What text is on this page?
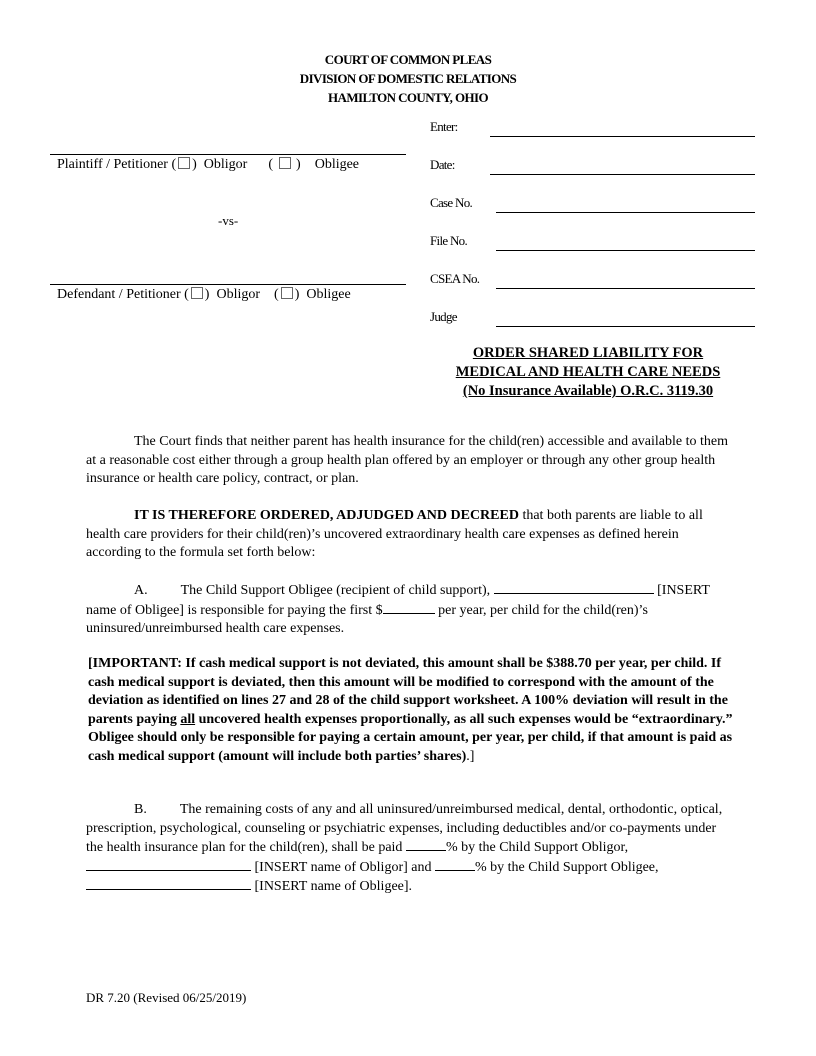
COURT OF COMMON PLEAS
DIVISION OF DOMESTIC RELATIONS
HAMILTON COUNTY, OHIO
Plaintiff / Petitioner ( ) Obligor ( ) Obligee
-vs-
Defendant / Petitioner ( ) Obligor ( ) Obligee
Enter:
Date:
Case No.
File No.
CSEA No.
Judge
ORDER SHARED LIABILITY FOR
MEDICAL AND HEALTH CARE NEEDS
(No Insurance Available) O.R.C. 3119.30

The Court finds that neither parent has health insurance for the child(ren) accessible and available to them at a reasonable cost either through a group health plan offered by an employer or through any other group health insurance or health care policy, contract, or plan.

IT IS THEREFORE ORDERED, ADJUDGED AND DECREED that both parents are liable to all health care providers for their child(ren)’s uncovered extraordinary health care expenses as defined herein according to the formula set forth below:

A. The Child Support Obligee (recipient of child support),	[INSERT name of Obligee] is responsible for paying the first $	per year, per child for the child(ren)’s uninsured/unreimbursed health care expenses.

[IMPORTANT: If cash medical support is not deviated, this amount shall be $388.70 per year, per child. If cash medical support is deviated, then this amount will be modified to correspond with the amount of the deviation as identified on lines 27 and 28 of the child support worksheet. A 100% deviation will result in the parents paying all uncovered health expenses proportionally, as all such expenses would be “extraordinary.” Obligee should only be responsible for paying a certain amount, per year, per child, if that amount is paid as cash medical support (amount will include both parties’ shares).]

B. The remaining costs of any and all uninsured/unreimbursed medical, dental, orthodontic, optical, prescription, psychological, counseling or psychiatric expenses, including deductibles and/or co-payments under the health insurance plan for the child(ren), shall be paid	% by the Child Support Obligor,  [INSERT name of Obligor] and	% by the Child Support Obligee,  [INSERT name of Obligee].

DR 7.20 (Revised 06/25/2019)
